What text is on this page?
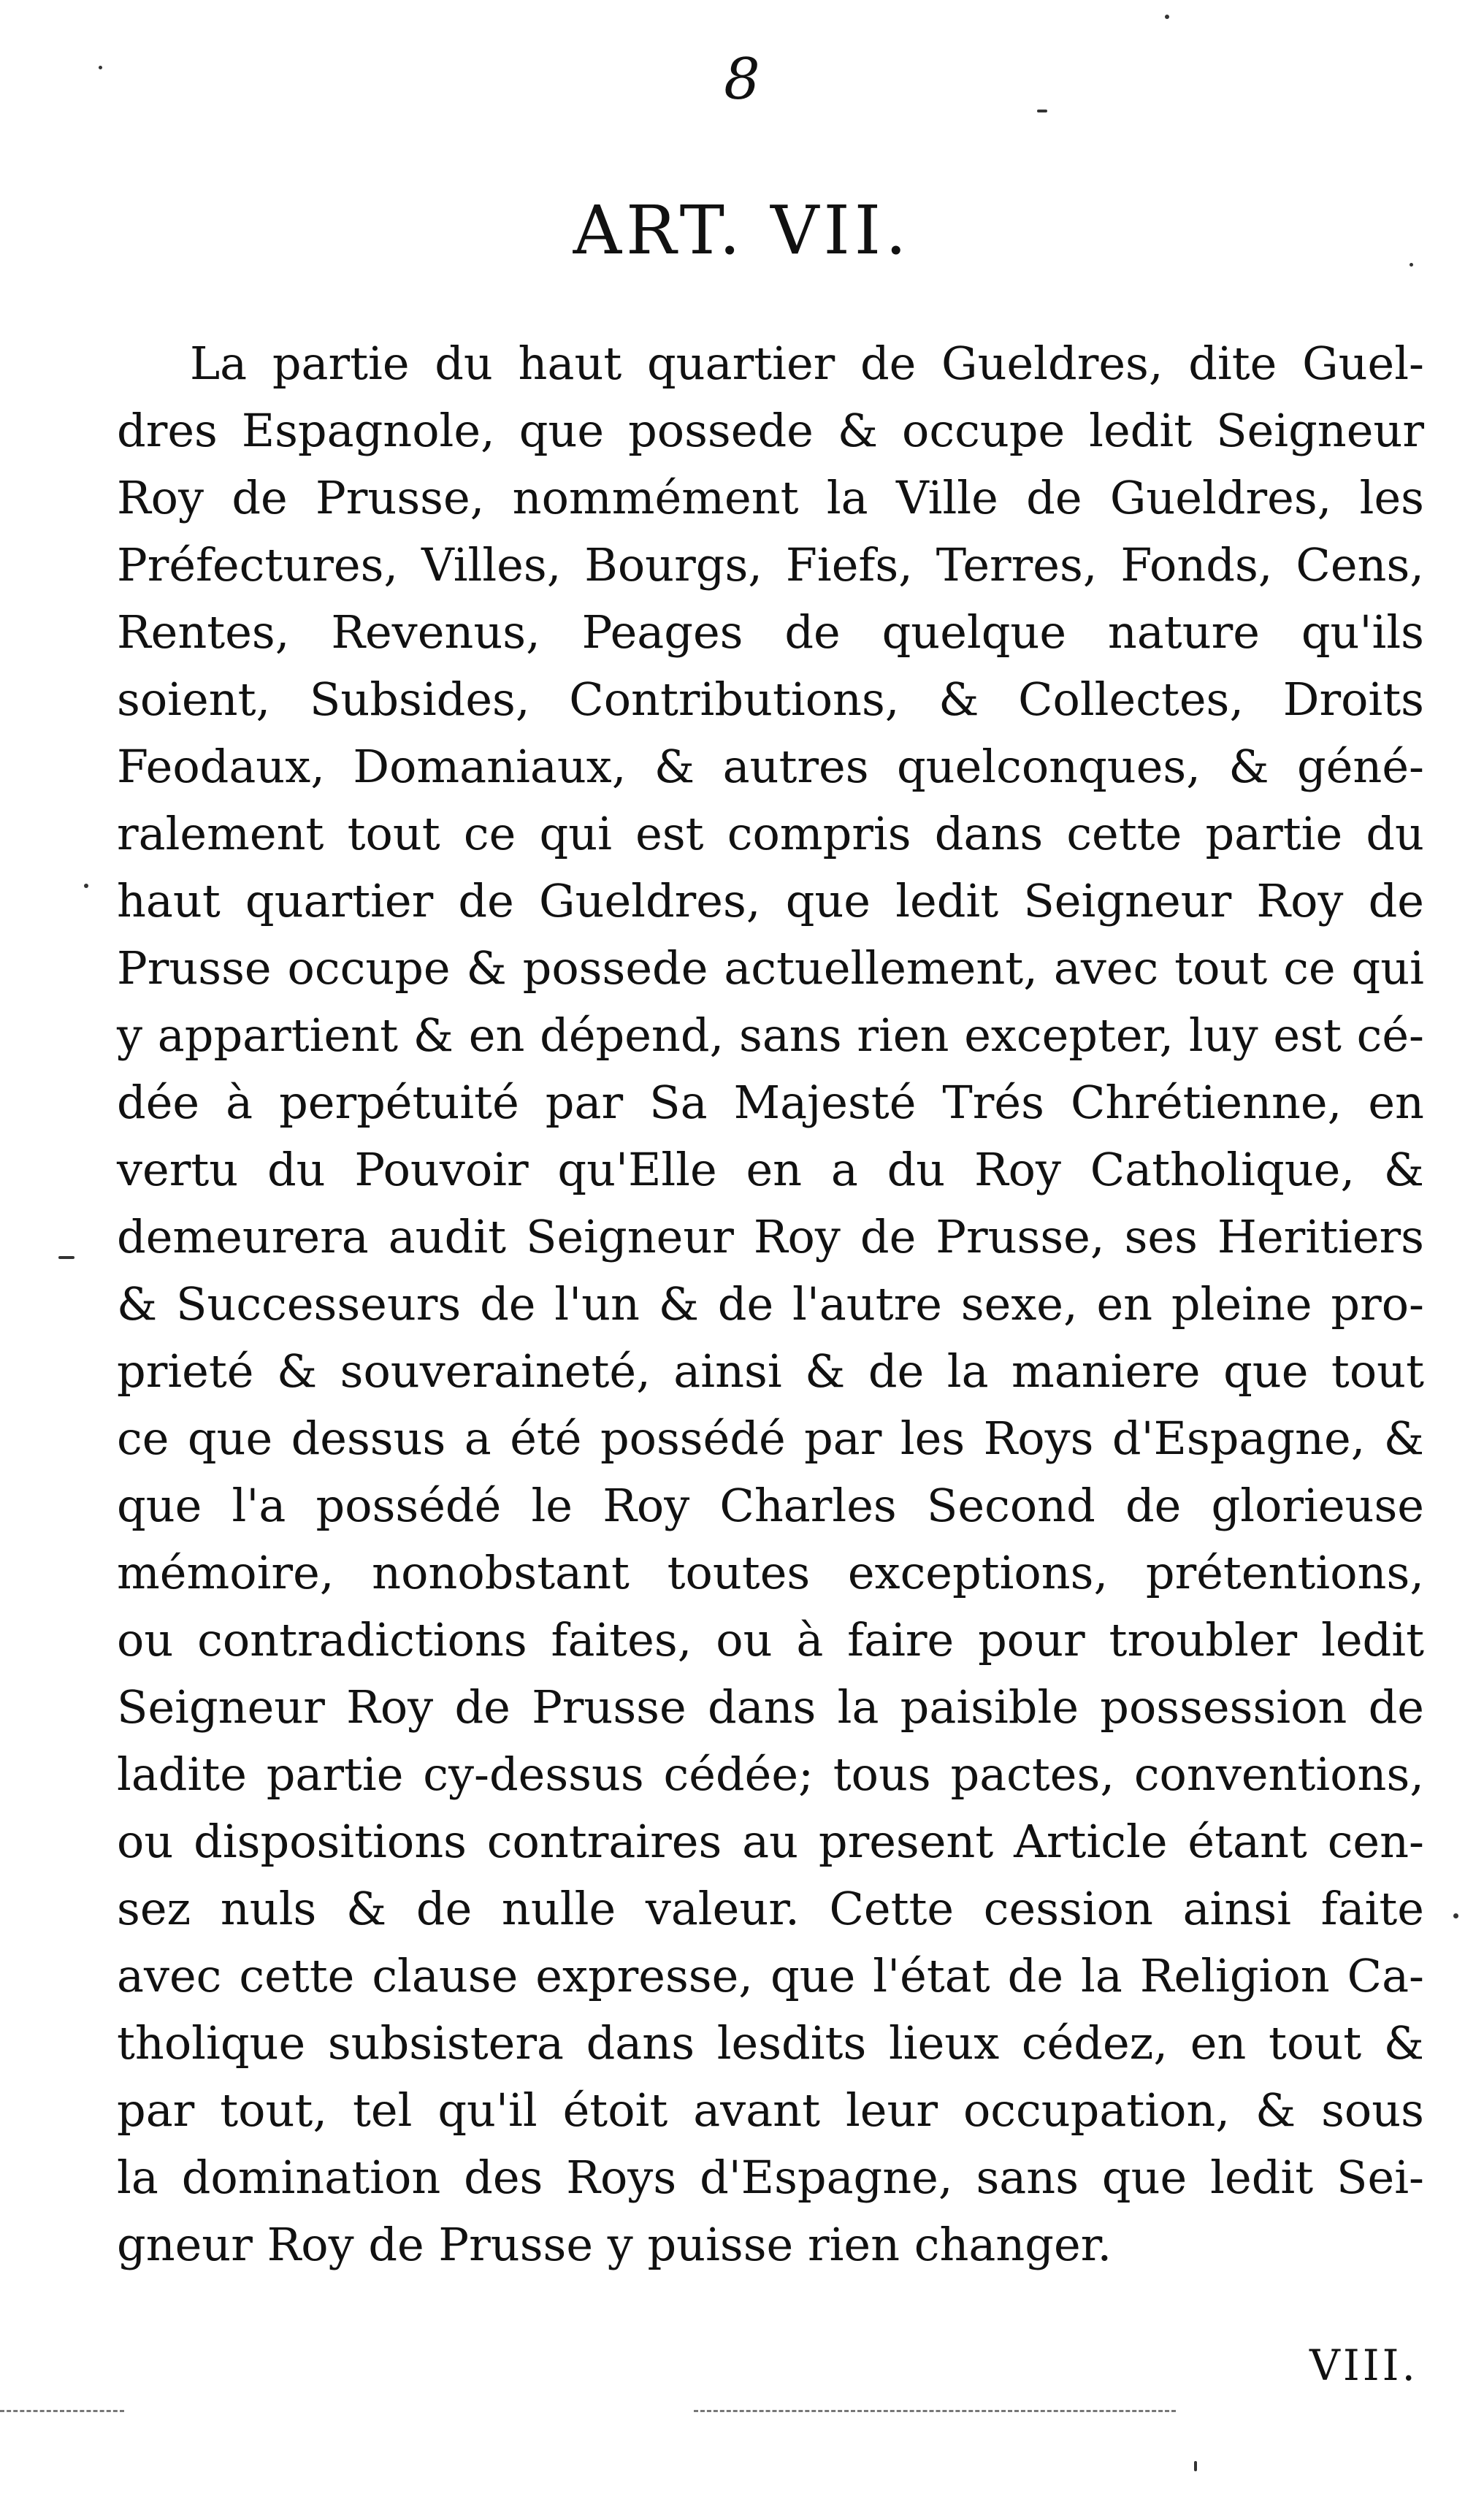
8
ART. VII.
La partie du haut quartier de Gueldres, dite Guel-
dres Espagnole, que possede & occupe ledit Seigneur
Roy de Prusse, nommément la Ville de Gueldres, les
Préfectures, Villes, Bourgs, Fiefs, Terres, Fonds, Cens,
Rentes, Revenus, Peages de quelque nature qu'ils
soient, Subsides, Contributions, & Collectes, Droits
Feodaux, Domaniaux, & autres quelconques, & géné-
ralement tout ce qui est compris dans cette partie du
haut quartier de Gueldres, que ledit Seigneur Roy de
Prusse occupe & possede actuellement, avec tout ce qui
y appartient & en dépend, sans rien excepter, luy est cé-
dée à perpétuité par Sa Majesté Trés Chrétienne, en
vertu du Pouvoir qu'Elle en a du Roy Catholique, &
demeurera audit Seigneur Roy de Prusse, ses Heritiers
& Successeurs de l'un & de l'autre sexe, en pleine pro-
prieté & souveraineté, ainsi & de la maniere que tout
ce que dessus a été possédé par les Roys d'Espagne, &
que l'a possédé le Roy Charles Second de glorieuse
mémoire, nonobstant toutes exceptions, prétentions,
ou contradictions faites, ou à faire pour troubler ledit
Seigneur Roy de Prusse dans la paisible possession de
ladite partie cy-dessus cédée; tous pactes, conventions,
ou dispositions contraires au present Article étant cen-
sez nuls & de nulle valeur. Cette cession ainsi faite
avec cette clause expresse, que l'état de la Religion Ca-
tholique subsistera dans lesdits lieux cédez, en tout &
par tout, tel qu'il étoit avant leur occupation, & sous
la domination des Roys d'Espagne, sans que ledit Sei-
gneur Roy de Prusse y puisse rien changer.
VIII.
